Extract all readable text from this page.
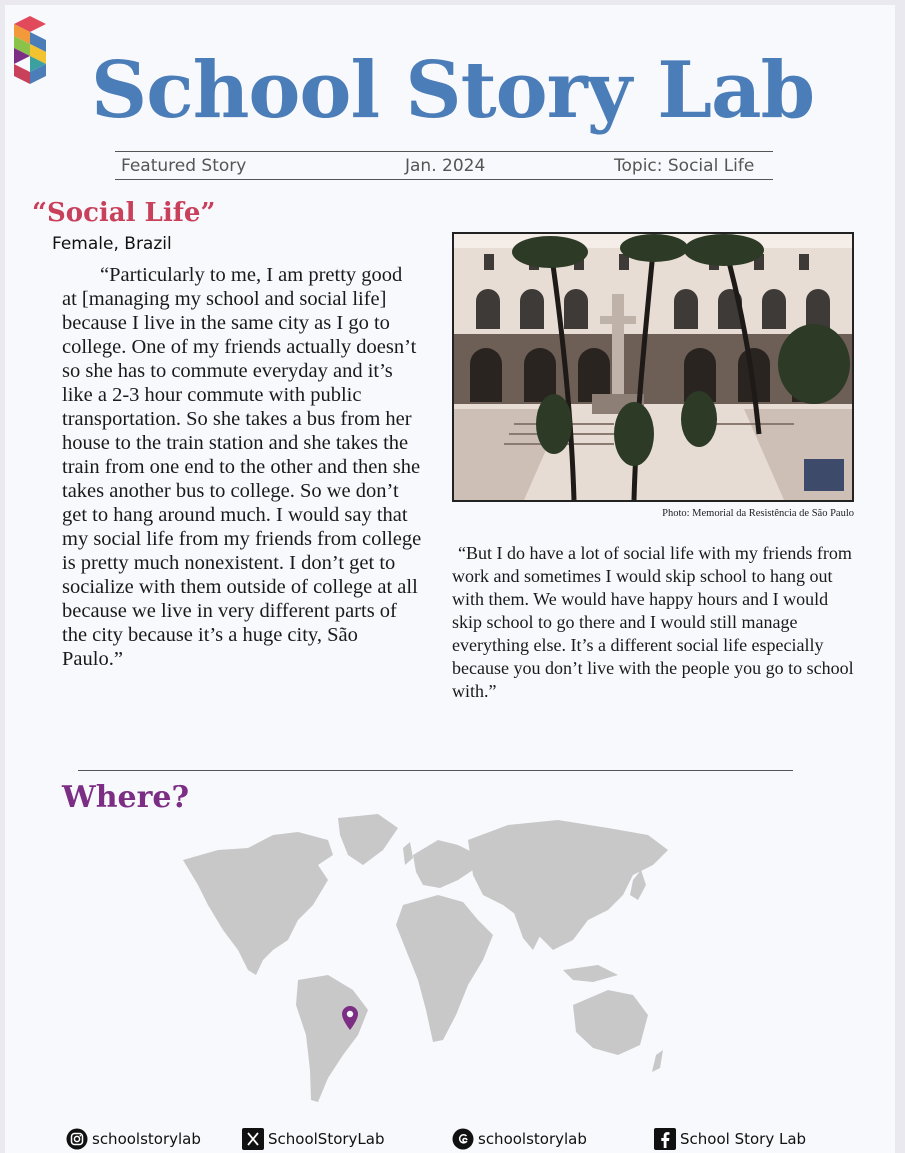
School Story Lab
Featured Story	Jan. 2024	Topic: Social Life
“Social Life”
Female, Brazil
“Particularly to me, I am pretty good at [managing my school and social life] because I live in the same city as I go to college. One of my friends actually doesn’t so she has to commute everyday and it’s like a 2-3 hour commute with public transportation. So she takes a bus from her house to the train station and she takes the train from one end to the other and then she takes another bus to college. So we don’t get to hang around much. I would say that my social life from my friends from college is pretty much nonexistent. I don’t get to socialize with them outside of college at all because we live in very different parts of the city because it’s a huge city, São Paulo.”
Photo: Memorial da Resistência de São Paulo
“But I do have a lot of social life with my friends from work and sometimes I would skip school to hang out with them. We would have happy hours and I would skip school to go there and I would still manage everything else. It’s a different social life especially because you don’t live with the people you go to school with.”
Where?
schoolstorylab	SchoolStoryLab	schoolstorylab	School Story Lab
